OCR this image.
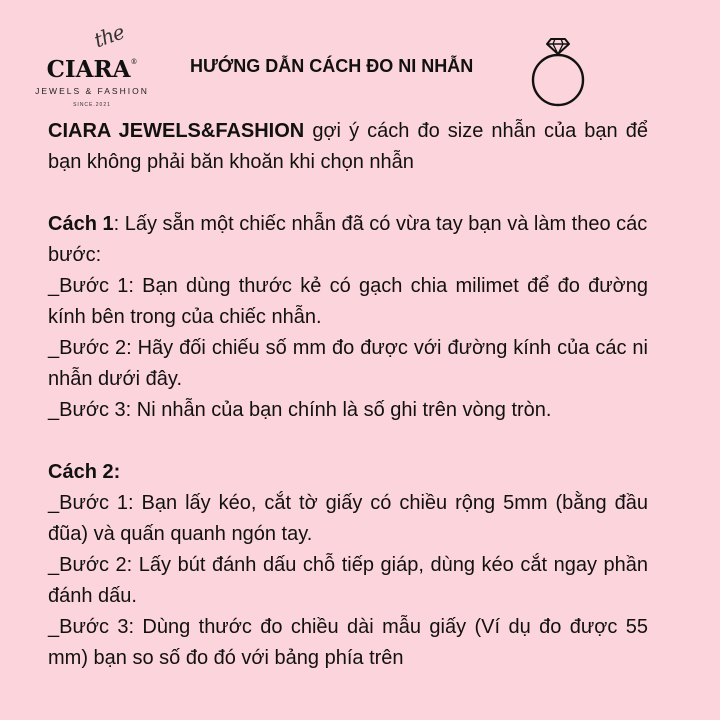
the
CIARA®
JEWELS & FASHION
SINCE.2021
HƯỚNG DẪN CÁCH ĐO NI NHẪN

CIARA JEWELS&FASHION gợi ý cách đo size nhẫn của bạn để bạn không phải băn khoăn khi chọn nhẫn

Cách 1: Lấy sẵn một chiếc nhẫn đã có vừa tay bạn và làm theo các bước:

_Bước 1: Bạn dùng thước kẻ có gạch chia milimet để đo đường kính bên trong của chiếc nhẫn.

_Bước 2: Hãy đối chiếu số mm đo được với đường kính của các ni nhẫn dưới đây.

_Bước 3: Ni nhẫn của bạn chính là số ghi trên vòng tròn.

Cách 2:

_Bước 1: Bạn lấy kéo, cắt tờ giấy có chiều rộng 5mm (bằng đầu đũa) và quấn quanh ngón tay.

_Bước 2: Lấy bút đánh dấu chỗ tiếp giáp, dùng kéo cắt ngay phần đánh dấu.

_Bước 3: Dùng thước đo chiều dài mẫu giấy (Ví dụ đo được 55 mm) bạn so số đo đó với bảng phía trên
